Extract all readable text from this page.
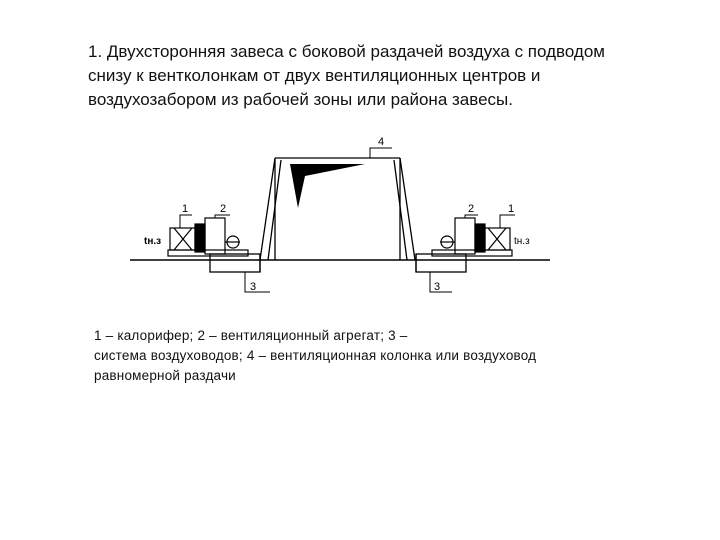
1. Двухсторонняя завеса с боковой раздачей воздуха с подводом
снизу к вентколонкам от двух вентиляционных центров и
воздухозабором из рабочей зоны или района завесы.
1	2	2	1
3	3
4
tн.з	tн.з
1 – калорифер; 2 – вентиляционный агрегат; 3 –
система воздуховодов; 4 – вентиляционная колонка или воздуховод
равномерной раздачи
